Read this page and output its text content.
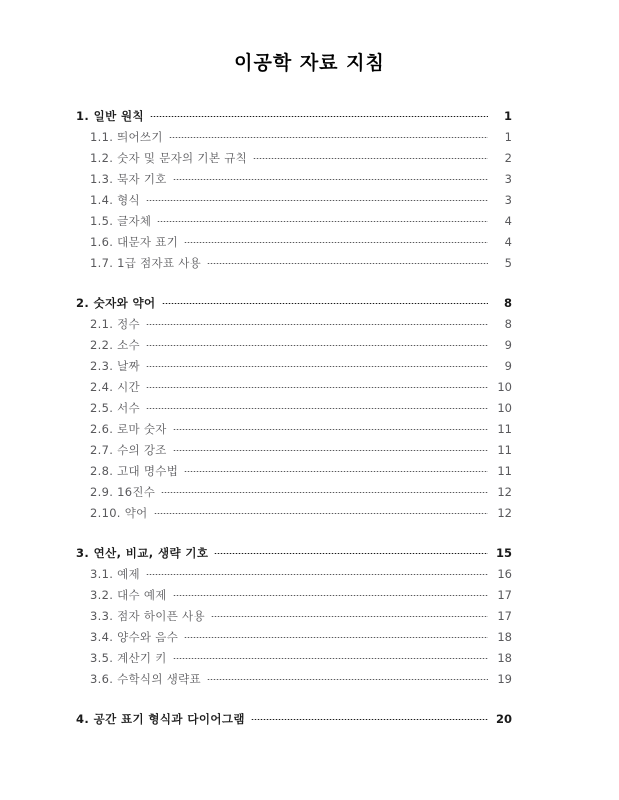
이공학 자료 지침
1. 일반 원칙	1
1.1. 띄어쓰기	1
1.2. 숫자 및 문자의 기본 규칙	2
1.3. 묵자 기호	3
1.4. 형식	3
1.5. 글자체	4
1.6. 대문자 표기	4
1.7. 1급 점자표 사용	5
2. 숫자와 약어	8
2.1. 정수	8
2.2. 소수	9
2.3. 날짜	9
2.4. 시간	10
2.5. 서수	10
2.6. 로마 숫자	11
2.7. 수의 강조	11
2.8. 고대 명수법	11
2.9. 16진수	12
2.10. 약어	12
3. 연산, 비교, 생략 기호	15
3.1. 예제	16
3.2. 대수 예제	17
3.3. 점자 하이픈 사용	17
3.4. 양수와 음수	18
3.5. 계산기 키	18
3.6. 수학식의 생략표	19
4. 공간 표기 형식과 다이어그램	20
